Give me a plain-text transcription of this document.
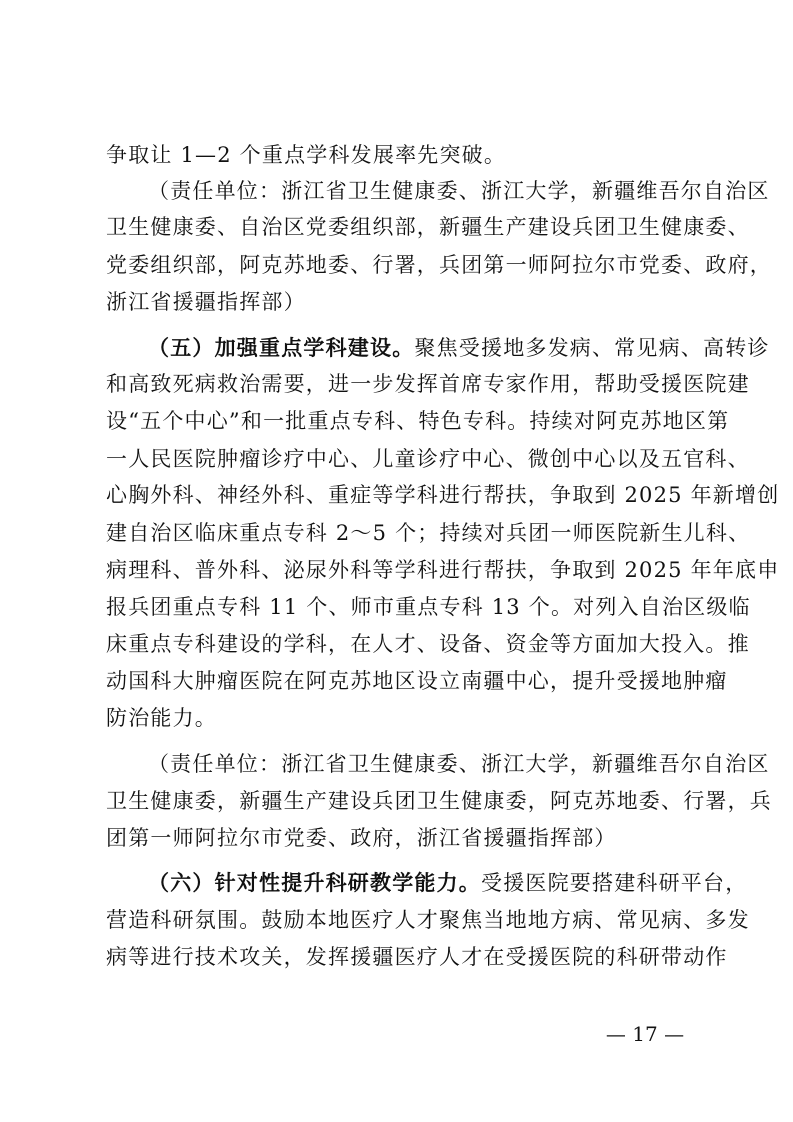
争取让 1—2 个重点学科发展率先突破。
（责任单位：浙江省卫生健康委、浙江大学，新疆维吾尔自治区
卫生健康委、自治区党委组织部，新疆生产建设兵团卫生健康委、
党委组织部，阿克苏地委、行署，兵团第一师阿拉尔市党委、政府，
浙江省援疆指挥部）
（五）加强重点学科建设。聚焦受援地多发病、常见病、高转诊
和高致死病救治需要，进一步发挥首席专家作用，帮助受援医院建
设“五个中心”和一批重点专科、特色专科。持续对阿克苏地区第
一人民医院肿瘤诊疗中心、儿童诊疗中心、微创中心以及五官科、
心胸外科、神经外科、重症等学科进行帮扶，争取到 2025 年新增创
建自治区临床重点专科 2～5 个；持续对兵团一师医院新生儿科、
病理科、普外科、泌尿外科等学科进行帮扶，争取到 2025 年年底申
报兵团重点专科 11 个、师市重点专科 13 个。对列入自治区级临
床重点专科建设的学科，在人才、设备、资金等方面加大投入。推
动国科大肿瘤医院在阿克苏地区设立南疆中心，提升受援地肿瘤
防治能力。
（责任单位：浙江省卫生健康委、浙江大学，新疆维吾尔自治区
卫生健康委，新疆生产建设兵团卫生健康委，阿克苏地委、行署，兵
团第一师阿拉尔市党委、政府，浙江省援疆指挥部）
（六）针对性提升科研教学能力。受援医院要搭建科研平台，
营造科研氛围。鼓励本地医疗人才聚焦当地地方病、常见病、多发
病等进行技术攻关，发挥援疆医疗人才在受援医院的科研带动作
— 17 —
